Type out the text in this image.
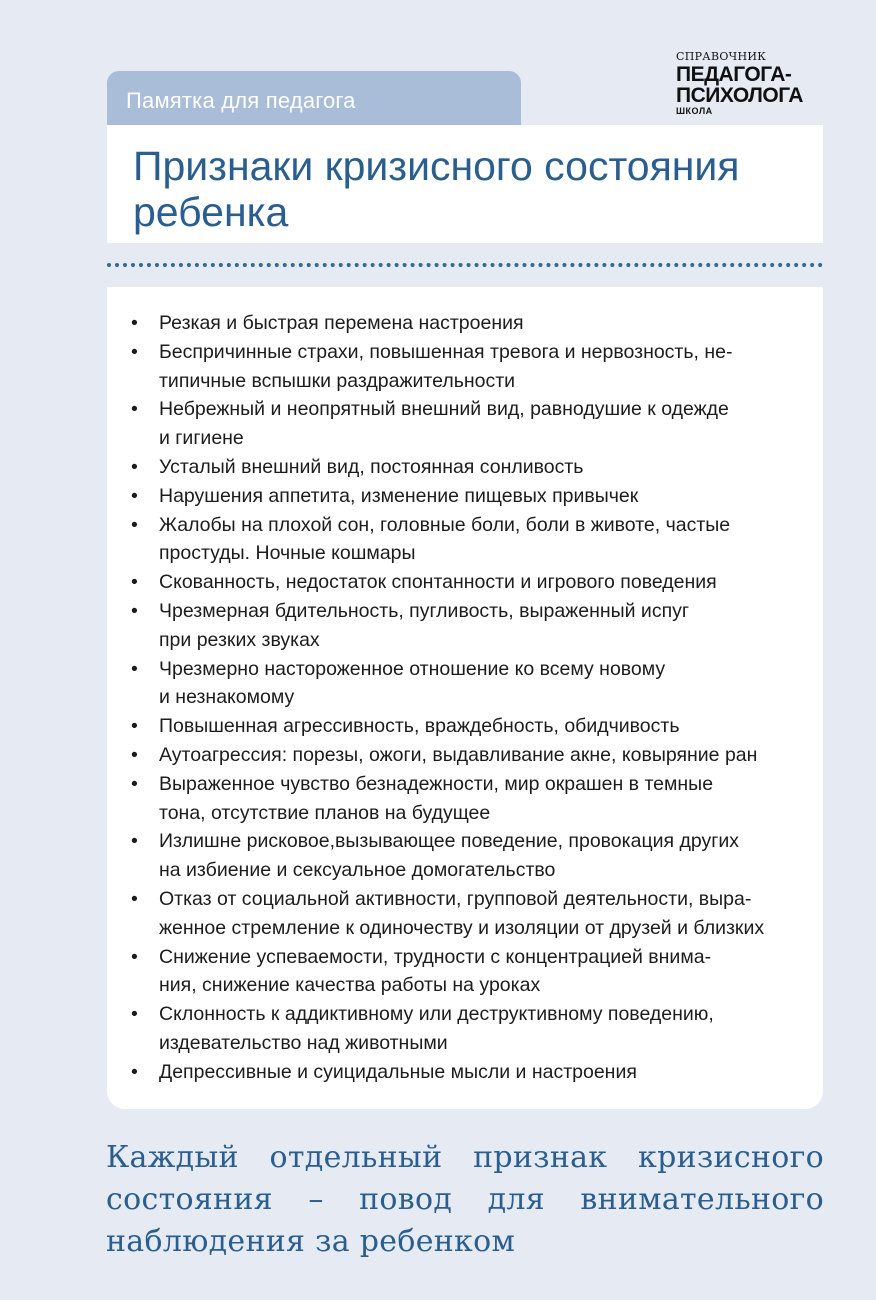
Памятка для педагога
СПРАВОЧНИК
ПЕДАГОГА-
ПСИХОЛОГА
ШКОЛА
Признаки кризисного состояния ребенка
• Резкая и быстрая перемена настроения
• Беспричинные страхи, повышенная тревога и нервозность, не-
типичные вспышки раздражительности
• Небрежный и неопрятный внешний вид, равнодушие к одежде
и гигиене
• Усталый внешний вид, постоянная сонливость
• Нарушения аппетита, изменение пищевых привычек
• Жалобы на плохой сон, головные боли, боли в животе, частые
простуды. Ночные кошмары
• Скованность, недостаток спонтанности и игрового поведения
• Чрезмерная бдительность, пугливость, выраженный испуг
при резких звуках
• Чрезмерно настороженное отношение ко всему новому
и незнакомому
• Повышенная агрессивность, враждебность, обидчивость
• Аутоагрессия: порезы, ожоги, выдавливание акне, ковыряние ран
• Выраженное чувство безнадежности, мир окрашен в темные
тона, отсутствие планов на будущее
• Излишне рисковое,вызывающее поведение, провокация других
на избиение и сексуальное домогательство
• Отказ от социальной активности, групповой деятельности, выра-
женное стремление к одиночеству и изоляции от друзей и близких
• Снижение успеваемости, трудности с концентрацией внима-
ния, снижение качества работы на уроках
• Склонность к аддиктивному или деструктивному поведению,
издевательство над животными
• Депрессивные и суицидальные мысли и настроения
Каждый отдельный признак кризисного состояния – повод для внимательного наблюдения за ребенком
